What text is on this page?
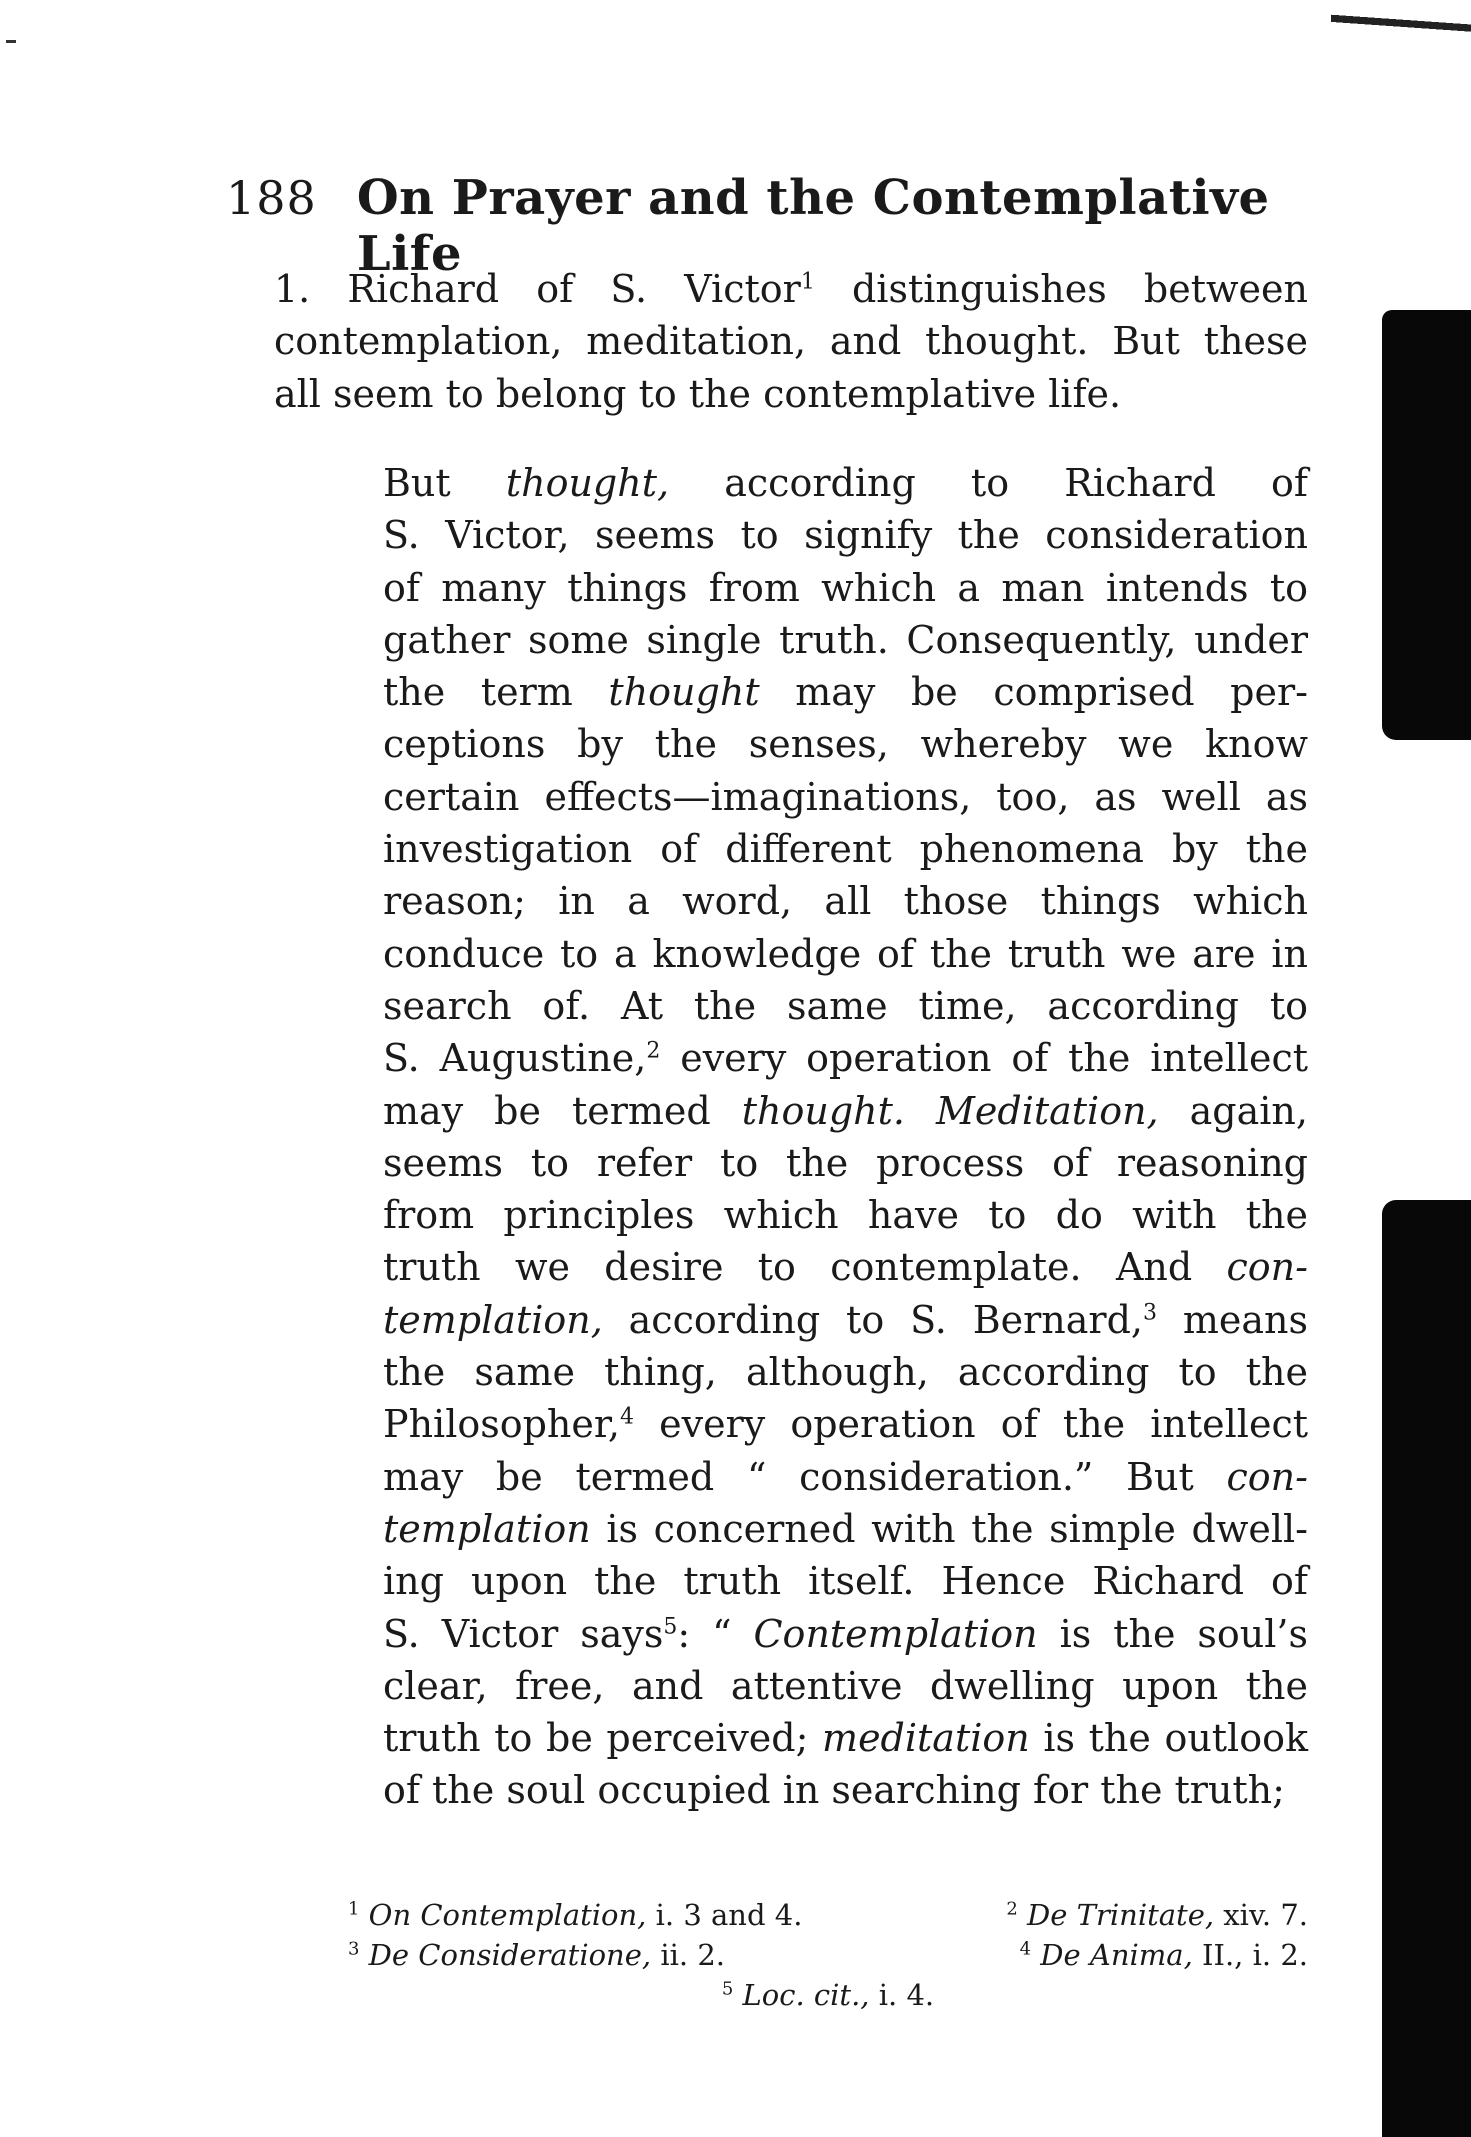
188 On Prayer and the Contemplative Life

1. Richard of S. Victor$^1$ distinguishes between
contemplation, meditation, and thought. But these
all seem to belong to the contemplative life.

But thought, according to Richard of
S. Victor, seems to signify the consideration
of many things from which a man intends to
gather some single truth. Consequently, under
the term thought may be comprised per-
ceptions by the senses, whereby we know
certain effects—imaginations, too, as well as
investigation of different phenomena by the
reason; in a word, all those things which
conduce to a knowledge of the truth we are in
search of. At the same time, according to
S. Augustine,$^2$ every operation of the intellect
may be termed thought. Meditation, again,
seems to refer to the process of reasoning
from principles which have to do with the
truth we desire to contemplate. And con-
templation, according to S. Bernard,$^3$ means
the same thing, although, according to the
Philosopher,$^4$ every operation of the intellect
may be termed “ consideration.” But con-
templation is concerned with the simple dwell-
ing upon the truth itself. Hence Richard of
S. Victor says$^5$: “ Contemplation is the soul’s
clear, free, and attentive dwelling upon the
truth to be perceived; meditation is the outlook
of the soul occupied in searching for the truth;

$^1$ On Contemplation, i. 3 and 4.	$^2$ De Trinitate, xiv. 7.
$^3$ De Consideratione, ii. 2.	$^4$ De Anima, II., i. 2.
$^5$ Loc. cit., i. 4.
